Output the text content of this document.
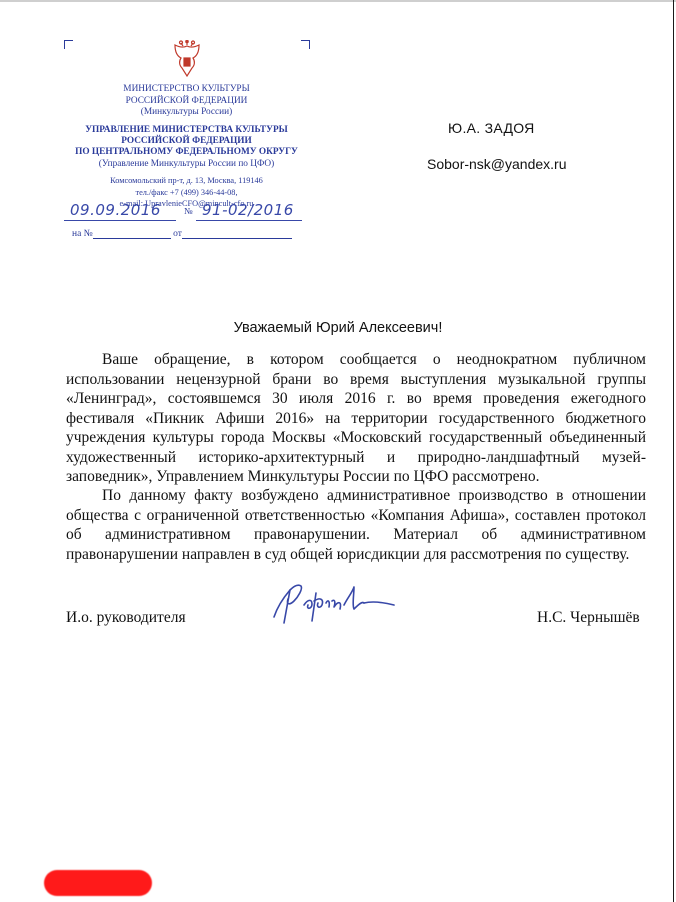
МИНИСТЕРСТВО КУЛЬТУРЫ
РОССИЙСКОЙ ФЕДЕРАЦИИ
(Минкультуры России)
УПРАВЛЕНИЕ МИНИСТЕРСТВА КУЛЬТУРЫ
РОССИЙСКОЙ ФЕДЕРАЦИИ
ПО ЦЕНТРАЛЬНОМУ ФЕДЕРАЛЬНОМУ ОКРУГУ
(Управление Минкультуры России по ЦФО)
Комсомольский пр-т, д. 13, Москва, 119146
тел./факс +7 (499) 346-44-08,
e-mail: UpravlenieCFO@mincult-cfo.ru
09.09.2016	№ 91-02/2016
на №	от
Ю.А. ЗАДОЯ
Sobor-nsk@yandex.ru
Уважаемый Юрий Алексеевич!
Ваше обращение, в котором сообщается о неоднократном публичном использовании нецензурной брани во время выступления музыкальной группы «Ленинград», состоявшемся 30 июля 2016 г. во время проведения ежегодного фестиваля «Пикник Афиши 2016» на территории государственного бюджетного учреждения культуры города Москвы «Московский государственный объединенный художественный историко-архитектурный и природно-ландшафтный музей-заповедник», Управлением Минкультуры России по ЦФО рассмотрено.
По данному факту возбуждено административное производство в отношении общества с ограниченной ответственностью «Компания Афиша», составлен протокол об административном правонарушении. Материал об административном правонарушении направлен в суд общей юрисдикции для рассмотрения по существу.
И.о. руководителя	Н.С. Чернышёв
